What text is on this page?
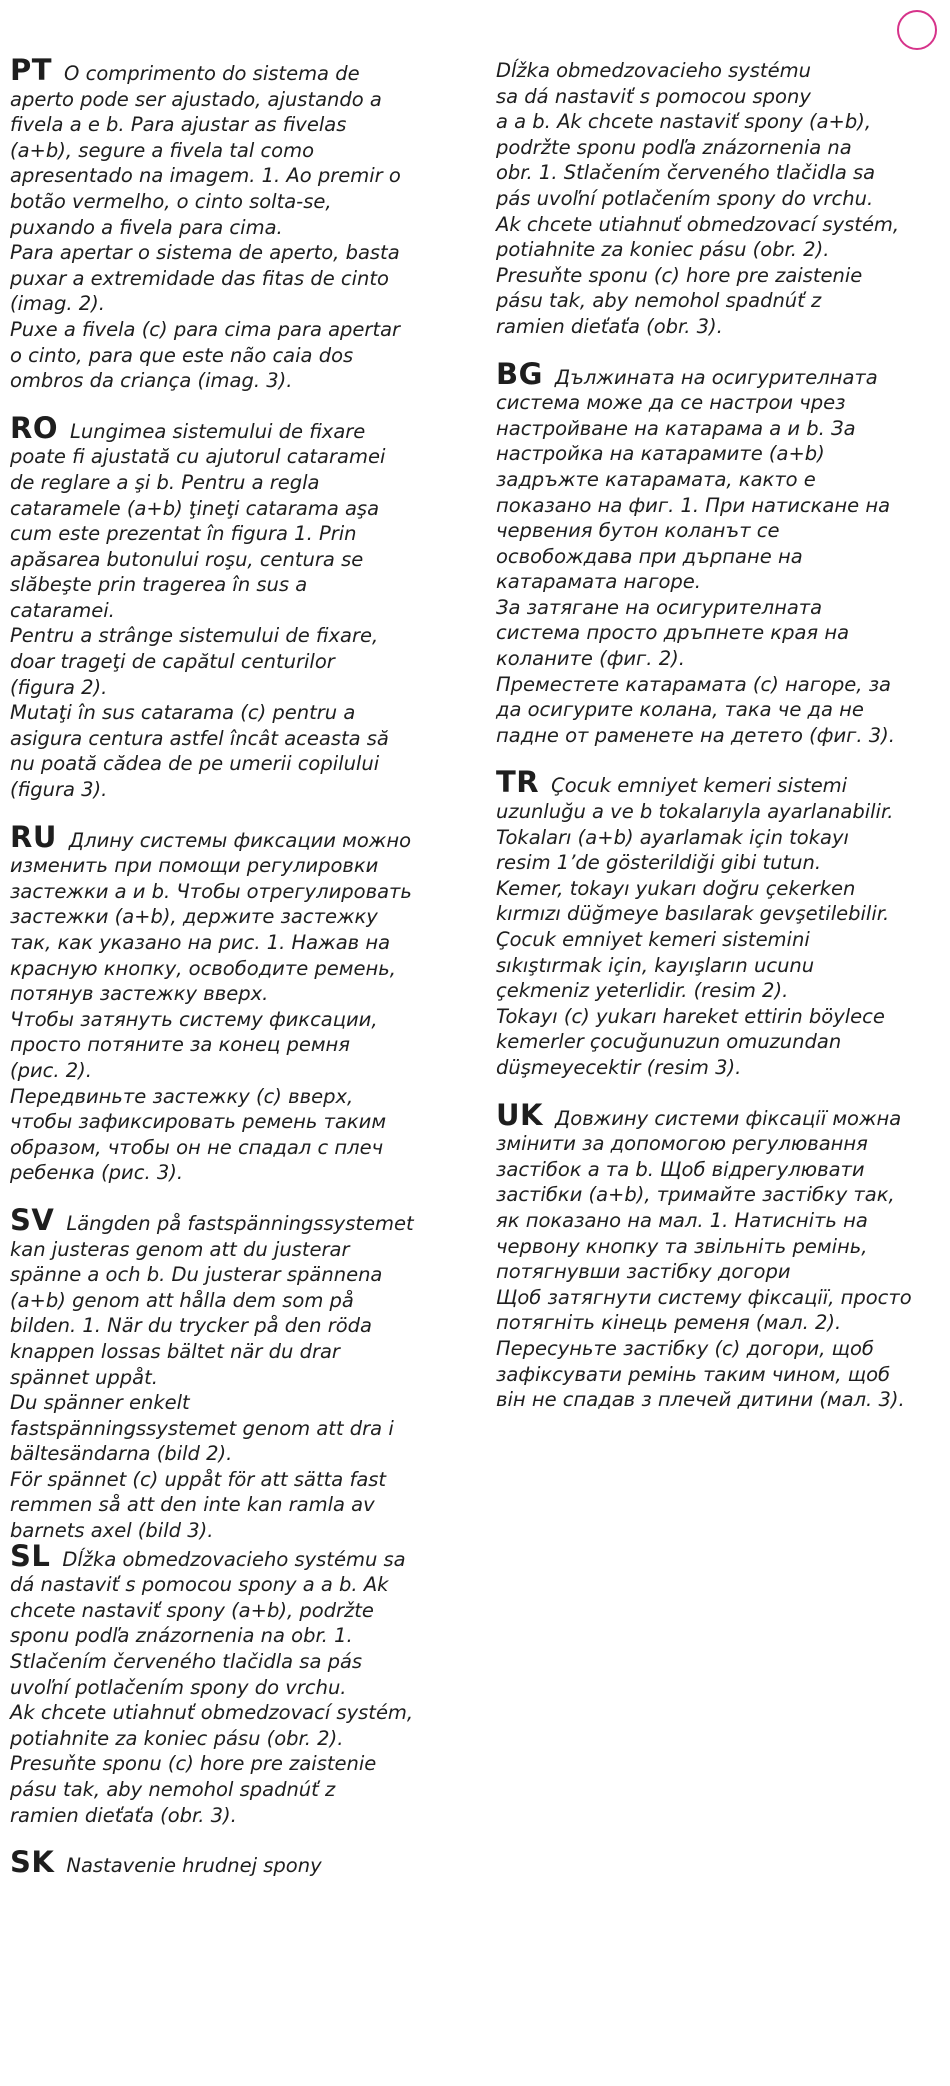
PT O comprimento do sistema de
aperto pode ser ajustado, ajustando a
fivela a e b. Para ajustar as fivelas
(a+b), segure a fivela tal como
apresentado na imagem. 1. Ao premir o
botão vermelho, o cinto solta-se,
puxando a fivela para cima.
Para apertar o sistema de aperto, basta
puxar a extremidade das fitas de cinto
(imag. 2).
Puxe a fivela (c) para cima para apertar
o cinto, para que este não caia dos
ombros da criança (imag. 3).

RO Lungimea sistemului de fixare
poate fi ajustată cu ajutorul cataramei
de reglare a şi b. Pentru a regla
cataramele (a+b) ţineţi catarama aşa
cum este prezentat în figura 1. Prin
apăsarea butonului roşu, centura se
slăbeşte prin tragerea în sus a
cataramei.
Pentru a strânge sistemului de fixare,
doar trageţi de capătul centurilor
(figura 2).
Mutaţi în sus catarama (c) pentru a
asigura centura astfel încât aceasta să
nu poată cădea de pe umerii copilului
(figura 3).

RU Длину системы фиксации можно
изменить при помощи регулировки
застежки a и b. Чтобы отрегулировать
застежки (a+b), держите застежку
так, как указано на рис. 1. Нажав на
красную кнопку, освободите ремень,
потянув застежку вверх.
Чтобы затянуть систему фиксации,
просто потяните за конец ремня
(рис. 2).
Передвиньте застежку (c) вверх,
чтобы зафиксировать ремень таким
образом, чтобы он не спадал с плеч
ребенка (рис. 3).

SV Längden på fastspänningssystemet
kan justeras genom att du justerar
spänne a och b. Du justerar spännena
(a+b) genom att hålla dem som på
bilden. 1. När du trycker på den röda
knappen lossas bältet när du drar
spännet uppåt.
Du spänner enkelt
fastspänningssystemet genom att dra i
bältesändarna (bild 2).
För spännet (c) uppåt för att sätta fast
remmen så att den inte kan ramla av
barnets axel (bild 3).

SL Dĺžka obmedzovacieho systému sa
dá nastaviť s pomocou spony a a b. Ak
chcete nastaviť spony (a+b), podržte
sponu podľa znázornenia na obr. 1.
Stlačením červeného tlačidla sa pás
uvoľní potlačením spony do vrchu.
Ak chcete utiahnuť obmedzovací systém,
potiahnite za koniec pásu (obr. 2).
Presuňte sponu (c) hore pre zaistenie
pásu tak, aby nemohol spadnúť z
ramien dieťaťa (obr. 3).

SK Nastavenie hrudnej spony

Dĺžka obmedzovacieho systému
sa dá nastaviť s pomocou spony
a a b. Ak chcete nastaviť spony (a+b),
podržte sponu podľa znázornenia na
obr. 1. Stlačením červeného tlačidla sa
pás uvoľní potlačením spony do vrchu.
Ak chcete utiahnuť obmedzovací systém,
potiahnite za koniec pásu (obr. 2).
Presuňte sponu (c) hore pre zaistenie
pásu tak, aby nemohol spadnúť z
ramien dieťaťa (obr. 3).

BG Дължината на осигурителната
система може да се настрои чрез
настройване на катарама a и b. За
настройка на катарамите (a+b)
задръжте катарамата, както е
показано на фиг. 1. При натискане на
червения бутон коланът се
освобождава при дърпане на
катарамата нагоре.
За затягане на осигурителната
система просто дръпнете края на
коланите (фиг. 2).
Преместете катарамата (c) нагоре, за
да осигурите колана, така че да не
падне от раменете на детето (фиг. 3).

TR Çocuk emniyet kemeri sistemi
uzunluğu a ve b tokalarıyla ayarlanabilir.
Tokaları (a+b) ayarlamak için tokayı
resim 1’de gösterildiği gibi tutun.
Kemer, tokayı yukarı doğru çekerken
kırmızı düğmeye basılarak gevşetilebilir.
Çocuk emniyet kemeri sistemini
sıkıştırmak için, kayışların ucunu
çekmeniz yeterlidir. (resim 2).
Tokayı (c) yukarı hareket ettirin böylece
kemerler çocuğunuzun omuzundan
düşmeyecektir (resim 3).

UK Довжину системи фіксації можна
змінити за допомогою регулювання
застібок a та b. Щоб відрегулювати
застібки (a+b), тримайте застібку так,
як показано на мал. 1. Натисніть на
червону кнопку та звільніть ремінь,
потягнувши застібку догори
Щоб затягнути систему фіксації, просто
потягніть кінець ременя (мал. 2).
Пересуньте застібку (c) догори, щоб
зафіксувати ремінь таким чином, щоб
він не спадав з плечей дитини (мал. 3).
